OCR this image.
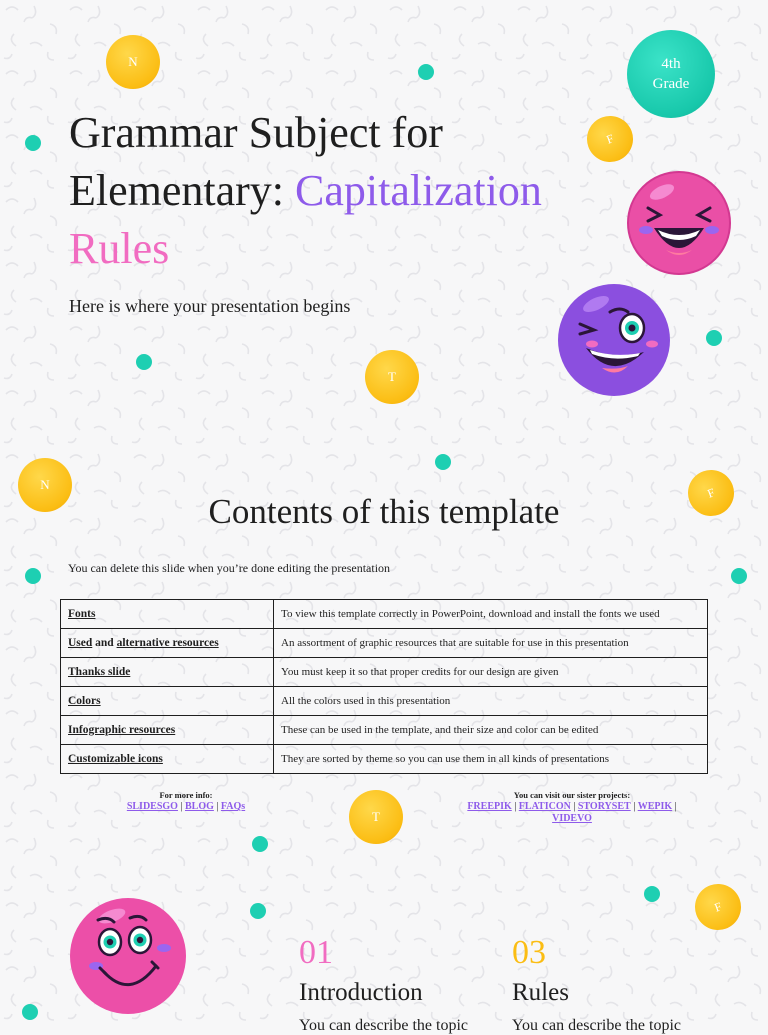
N
F
T
4th
Grade
Grammar Subject for Elementary: Capitalization
Rules
Here is where your presentation begins
N
F
T
Contents of this template
You can delete this slide when you’re done editing the presentation
Fonts	To view this template correctly in PowerPoint, download and install the fonts we used
Used and alternative resources	An assortment of graphic resources that are suitable for use in this presentation
Thanks slide	You must keep it so that proper credits for our design are given
Colors	All the colors used in this presentation
Infographic resources	These can be used in the template, and their size and color can be edited
Customizable icons	They are sorted by theme so you can use them in all kinds of presentations
For more info:
SLIDESGO | BLOG | FAQs
You can visit our sister projects:
FREEPIK | FLATICON | STORYSET | WEPIK |
VIDEVO
F
01
Introduction
You can describe the topic
03
Rules
You can describe the topic
